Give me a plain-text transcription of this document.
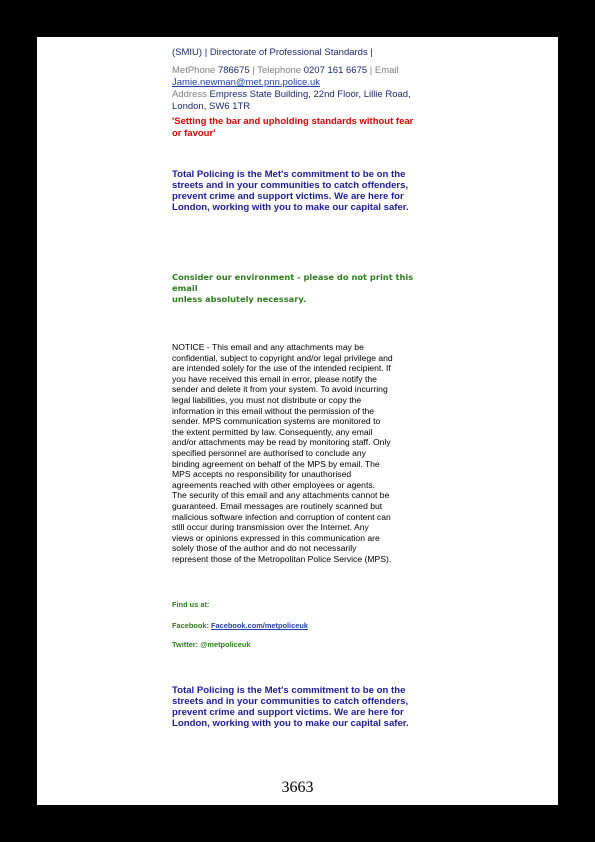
(SMIU) | Directorate of Professional Standards |
MetPhone 786675 | Telephone 0207 161 6675 | Email
Jamie.newman@met.pnn.police.uk
Address Empress State Building, 22nd Floor, Lillie Road,
London, SW6 1TR
'Setting the bar and upholding standards without fear
or favour'
Total Policing is the Met's commitment to be on the
streets and in your communities to catch offenders,
prevent crime and support victims. We are here for
London, working with you to make our capital safer.
Consider our environment - please do not print this email
unless absolutely necessary.
NOTICE - This email and any attachments may be
confidential, subject to copyright and/or legal privilege and
are intended solely for the use of the intended recipient. If
you have received this email in error, please notify the
sender and delete it from your system. To avoid incurring
legal liabilities, you must not distribute or copy the
information in this email without the permission of the
sender. MPS communication systems are monitored to
the extent permitted by law. Consequently, any email
and/or attachments may be read by monitoring staff. Only
specified personnel are authorised to conclude any
binding agreement on behalf of the MPS by email. The
MPS accepts no responsibility for unauthorised
agreements reached with other employees or agents.
The security of this email and any attachments cannot be
guaranteed. Email messages are routinely scanned but
malicious software infection and corruption of content can
still occur during transmission over the Internet. Any
views or opinions expressed in this communication are
solely those of the author and do not necessarily
represent those of the Metropolitan Police Service (MPS).
Find us at:
Facebook: Facebook.com/metpoliceuk
Twitter: @metpoliceuk
Total Policing is the Met's commitment to be on the
streets and in your communities to catch offenders,
prevent crime and support victims. We are here for
London, working with you to make our capital safer.
3663
